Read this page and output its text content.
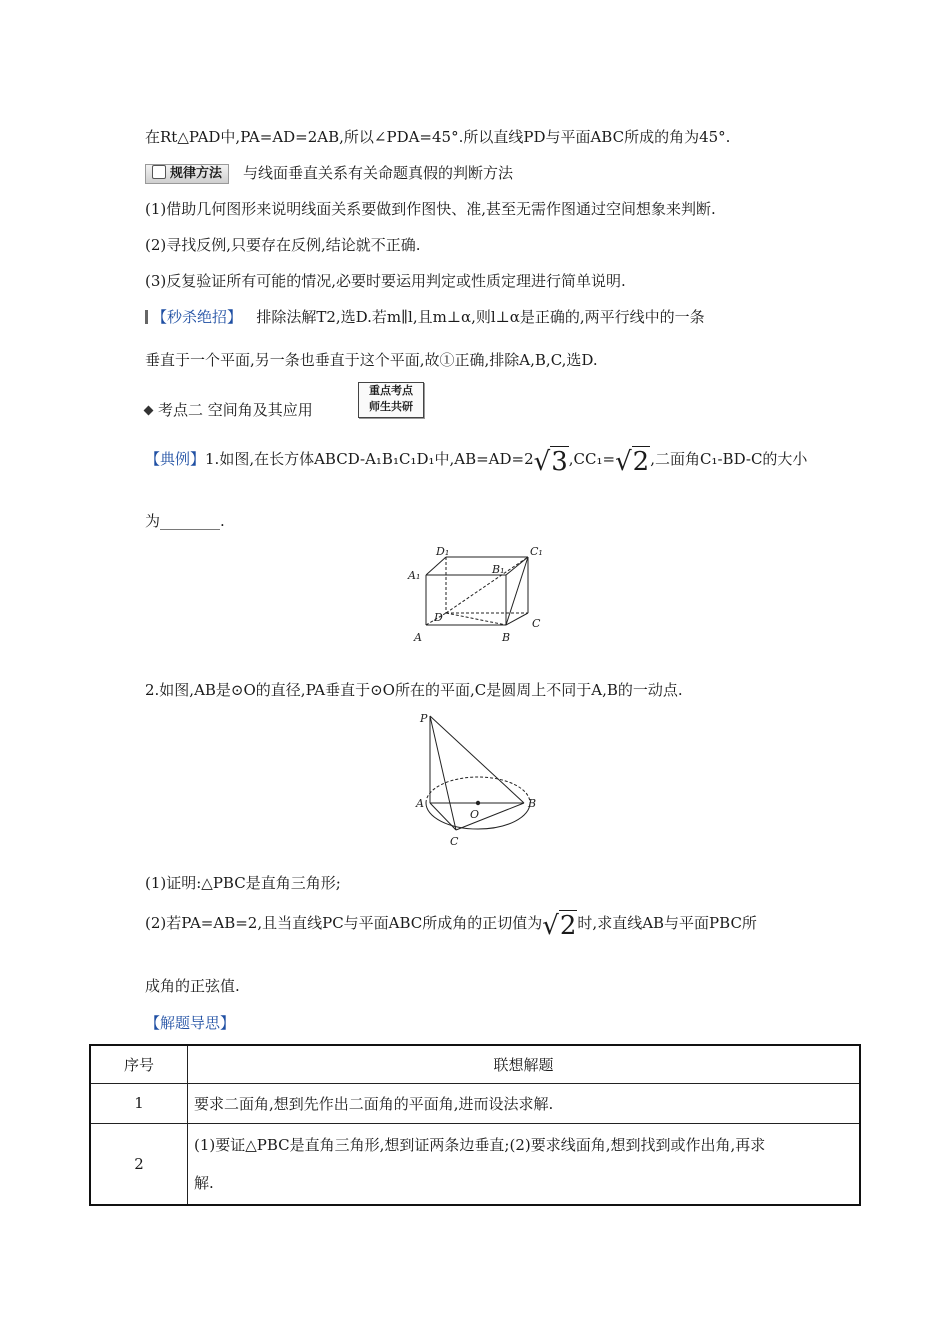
在Rt△PAD中,PA=AD=2AB,所以∠PDA=45°.所以直线PD与平面ABC所成的角为45°.
规律方法 与线面垂直关系有关命题真假的判断方法
(1)借助几何图形来说明线面关系要做到作图快、准,甚至无需作图通过空间想象来判断.
(2)寻找反例,只要存在反例,结论就不正确.
(3)反复验证所有可能的情况,必要时要运用判定或性质定理进行简单说明.
【秒杀绝招】 排除法解T2,选D.若m∥l,且m⊥α,则l⊥α是正确的,两平行线中的一条
垂直于一个平面,另一条也垂直于这个平面,故①正确,排除A,B,C,选D.
考点二 空间角及其应用
重点考点
师生共研
【典例】1.如图,在长方体ABCD-A₁B₁C₁D₁中,AB=AD=2√3,CC₁=√2,二面角C₁-BD-C的大小
为________.
D₁	C₁
A₁	B₁
D	C
A	B
2.如图,AB是⊙O的直径,PA垂直于⊙O所在的平面,C是圆周上不同于A,B的一动点.
P
A
O
B
C
(1)证明:△PBC是直角三角形;
(2)若PA=AB=2,且当直线PC与平面ABC所成角的正切值为√2时,求直线AB与平面PBC所
成角的正弦值.
【解题导思】
序号	联想解题
1	要求二面角,想到先作出二面角的平面角,进而设法求解.
2	(1)要证△PBC是直角三角形,想到证两条边垂直;(2)要求线面角,想到找到或作出角,再求
解.
